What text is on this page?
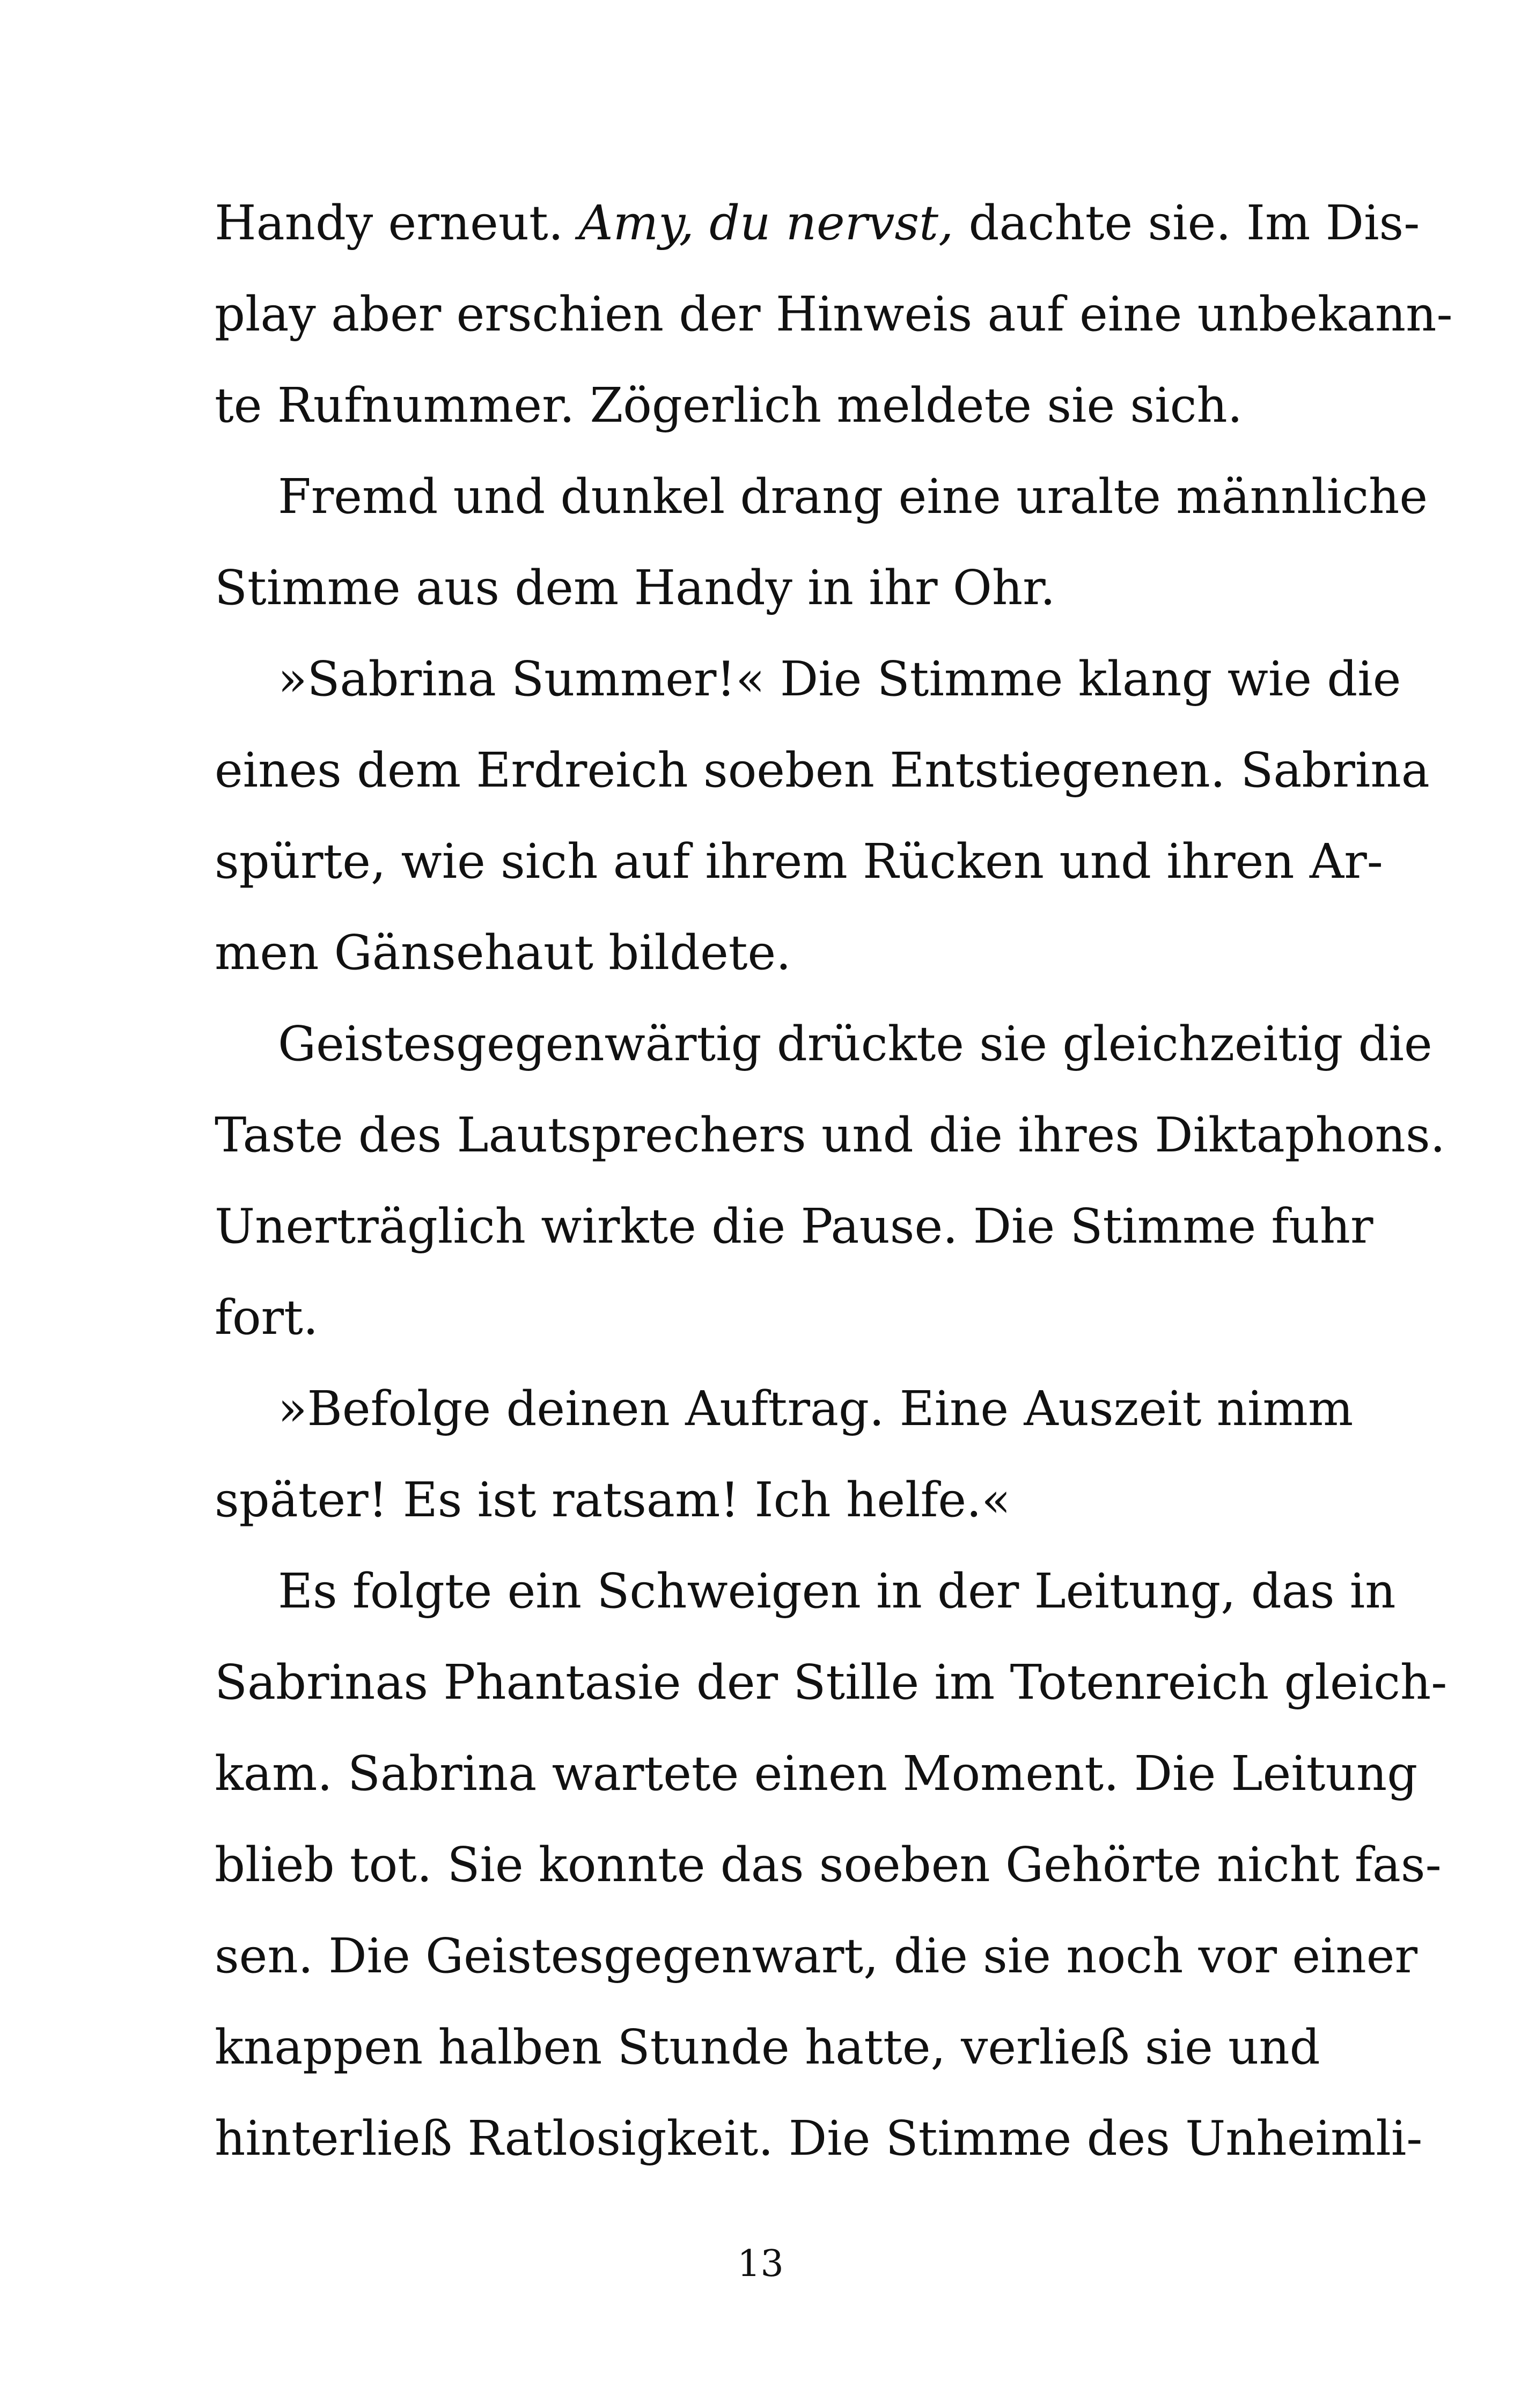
Handy erneut. Amy, du nervst, dachte sie. Im Dis-
play aber erschien der Hinweis auf eine unbekann-
te Rufnummer. Zögerlich meldete sie sich.
Fremd und dunkel drang eine uralte männliche
Stimme aus dem Handy in ihr Ohr.
»Sabrina Summer!« Die Stimme klang wie die
eines dem Erdreich soeben Entstiegenen. Sabrina
spürte, wie sich auf ihrem Rücken und ihren Ar-
men Gänsehaut bildete.
Geistesgegenwärtig drückte sie gleichzeitig die
Taste des Lautsprechers und die ihres Diktaphons.
Unerträglich wirkte die Pause. Die Stimme fuhr
fort.
»Befolge deinen Auftrag. Eine Auszeit nimm
später! Es ist ratsam! Ich helfe.«
Es folgte ein Schweigen in der Leitung, das in
Sabrinas Phantasie der Stille im Totenreich gleich-
kam. Sabrina wartete einen Moment. Die Leitung
blieb tot. Sie konnte das soeben Gehörte nicht fas-
sen. Die Geistesgegenwart, die sie noch vor einer
knappen halben Stunde hatte, verließ sie und
hinterließ Ratlosigkeit. Die Stimme des Unheimli-
13
